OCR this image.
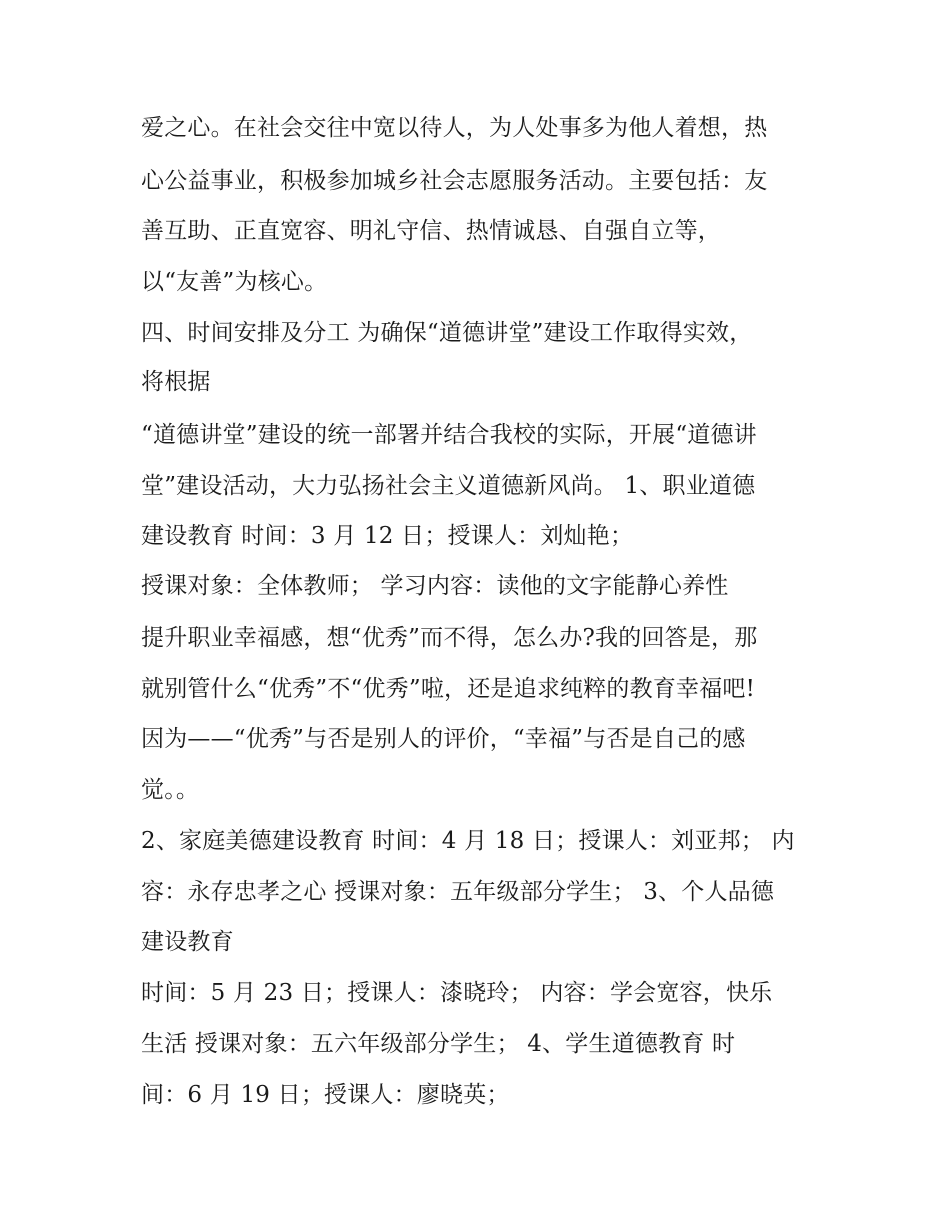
爱之心。在社会交往中宽以待人，为人处事多为他人着想，热
心公益事业，积极参加城乡社会志愿服务活动。主要包括：友
善互助、正直宽容、明礼守信、热情诚恳、自强自立等，
以“友善”为核心。
四、时间安排及分工 为确保“道德讲堂”建设工作取得实效，
将根据
“道德讲堂”建设的统一部署并结合我校的实际，开展“道德讲
堂”建设活动，大力弘扬社会主义道德新风尚。 1、职业道德
建设教育 时间：3 月 12 日；授课人：刘灿艳；
授课对象：全体教师； 学习内容：读他的文字能静心养性
提升职业幸福感，想“优秀”而不得，怎么办?我的回答是，那
就别管什么“优秀”不“优秀”啦，还是追求纯粹的教育幸福吧!
因为——“优秀”与否是别人的评价，“幸福”与否是自己的感
觉。。
2、家庭美德建设教育 时间：4 月 18 日；授课人：刘亚邦； 内
容：永存忠孝之心 授课对象：五年级部分学生； 3、个人品德
建设教育
时间：5 月 23 日；授课人：漆晓玲； 内容：学会宽容，快乐
生活 授课对象：五六年级部分学生； 4、学生道德教育 时
间：6 月 19 日；授课人：廖晓英；
